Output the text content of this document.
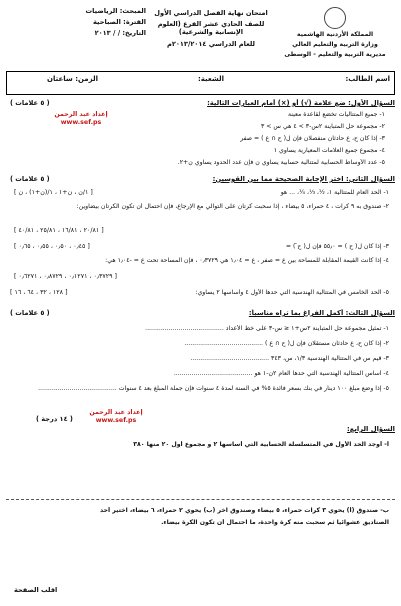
المملكة الأردنية الهاشمية
وزارة التربية والتعليم العالي
مديرية التربية والتعليم - الوسطى
امتحان نهاية الفصل الدراسي الأول
للصف الحادي عشر الفرع (العلوم الإنسانية والشرعية)
للعام الدراسي ٢٠١٣/٢٠١٤م
المبحث: الرياضيات
الفترة: الصباحية
التاريخ: / / ٢٠١٣
اسم الطالب:
الشعبة:
الزمن: ساعتان
السؤال الأول: ضع علامة (√) أو (×) أمام العبارات التالية:
( ٥ علامات )
إعداد عبد الرحمن
www.sef.ps
١- جميع المتتاليات تخضع لقاعدة معينة
٢- مجموعة حل المتباينة ٢س-٣ > ٤ هي س > ٣
٣- إذا كان ح، ع حادثان منفصلان فإن ل( ح ∩ ع ) = صفر
٤- مجموع جميع العلامات المعيارية يساوي ١
٥- عدد الأوساط الحسابية لمتتالية حسابية يساوي ن فإن عدد الحدود يساوي ن+٢.
السؤال الثاني: اختر الإجابة الصحيحة مما بين القوسين:
( ٥ علامات )
١- الحد العام للمتتالية ١، ½، ⅓، ¼، ... هو
[ ١/ن ، ن+١ ، ١/(ن+١) ، ن ]
٢- صندوق به ٩ كرات ، ٤ حمراء، ٥ بيضاء ، إذا سحبت كرتان على التوالي مع الإرجاع، فإن احتمال أن تكون الكرتان بيضاوين:
[ ٢٠/٨١ ، ١٦/٨١ ، ٢٥/٨١ ، ٤٠/٨١ ]
٣- إذا كان ل( ح ) = ٥٥٫٠ فإن ل( ح̄ ) =
[ ٠٫٤٥ ، ٠٫٥٠ ، ٠٫٥٥ ، ٠٫٦٥ ]
٤- إذا كانت القيمة المقابلة للمساحة بين ع = صفر ، ع = ١٫٠٤ هي ٠٫٣٧٢٩ ، فإن المساحة تحت ع = -١٫٠٤ هي:
[ ٠٫٣٧٢٩ ، ٠٫١٢٧١ ، ٠٫٨٧٢٩ ، ٠٫٦٢٧١ ]
٥- الحد الخامس في المتتالية الهندسية التي حدها الأول ٤ وأساسها ٢ يساوي:
[ ١٢٨ ، ٣٢ ، ٦٤ ، ١٦ ]
السؤال الثالث: أكمل الفراغ بما تراه مناسباً:
( ٥ علامات )
١- تمثيل مجموعة حل المتباينة ٢س+١ ≤ س-٣ على خط الأعداد ........................................
٢- إذا كان ح، ع حادثان مستقلان فإن ل( ح ∩ ع ) ........................................
٣- قيم س في المتتالية الهندسية ١/٣، س، ٣٤٣ ........................................
٤- أساس المتتالية الهندسية التي حدها العام ٢ن-١ هو ........................................
٥- إذا وضع مبلغ ١٠٠ دينار في بنك بسعر فائدة ٥% في السنة لمدة ٤ سنوات فإن جملة المبلغ بعد ٤ سنوات ........................................
إعداد عبد الرحمن
www.sef.ps
السؤال الرابع:
( ١٤ درجة )
أ- أوجد الحد الأول في المتسلسلة الحسابية التي أساسها ٢ و مجموع أول ٢٠ منها ٣٨٠
ب- صندوق (أ) يحوي ٣ كرات حمراء، ٥ بيضاء وصندوق آخر (ب) يحوي ٢ حمراء، ٦ بيضاء، اختير أحد
الصناديق عشوائياً ثم سحبت منه كرة واحدة، ما احتمال أن تكون الكرة بيضاء.
اقلب الصفحة
